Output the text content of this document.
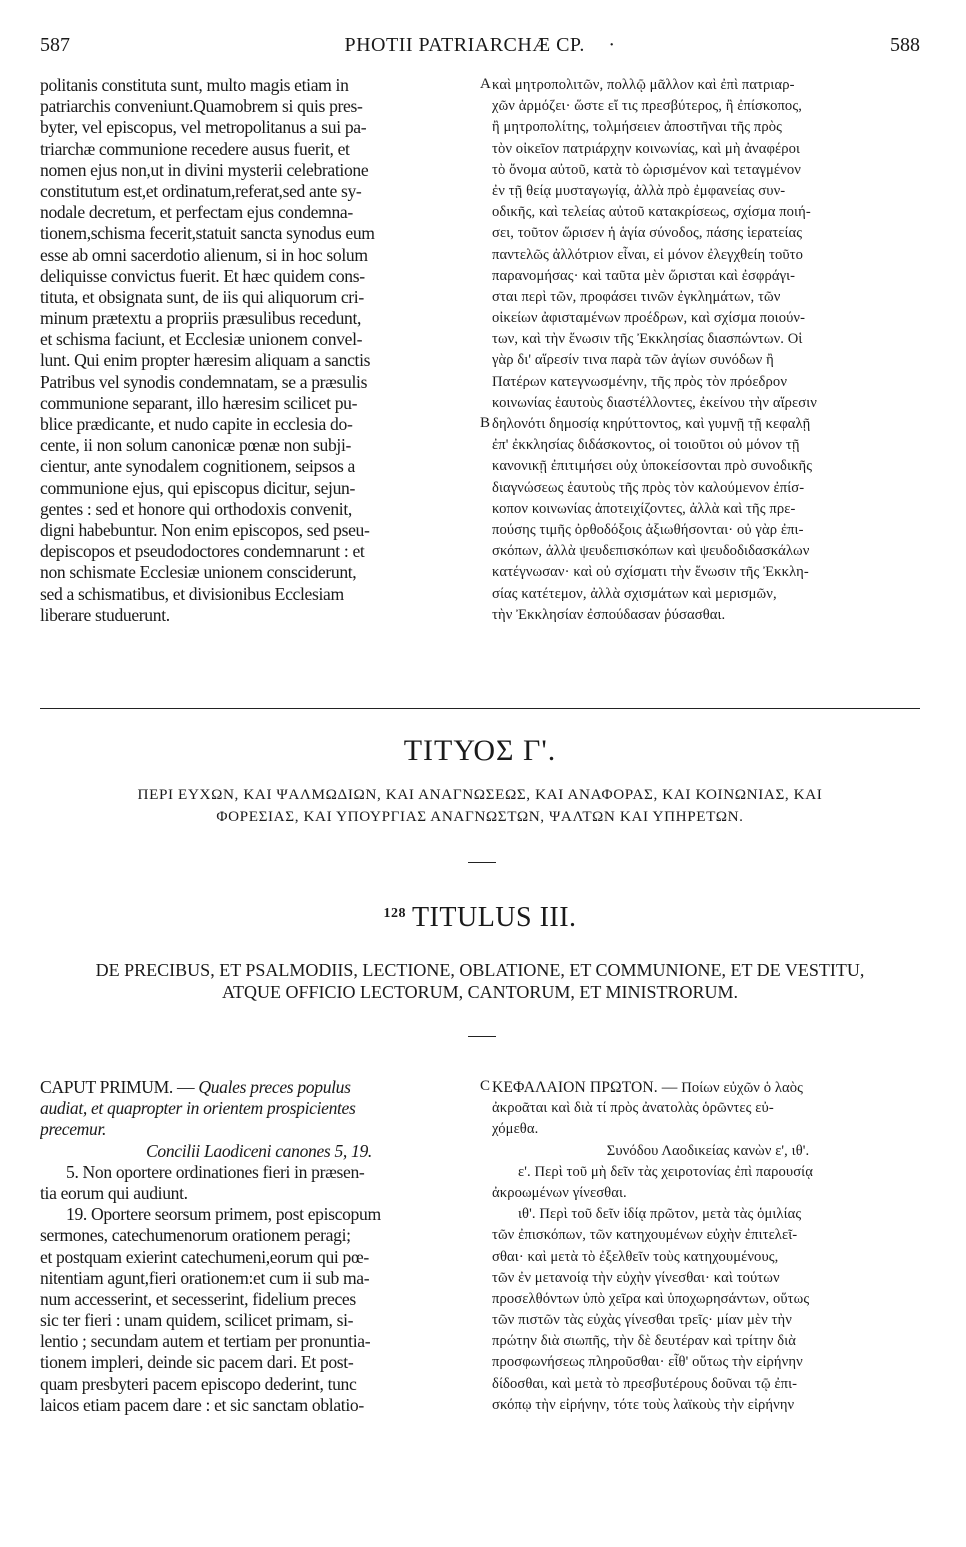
587	PHOTII PATRIARCHÆ CP. ·	588
politanis constituta sunt, multo magis etiam in
patriarchis conveniunt.Quamobrem si quis pres-
byter, vel episcopus, vel metropolitanus a sui pa-
triarchæ communione recedere ausus fuerit, et
nomen ejus non,ut in divini mysterii celebratione
constitutum est,et ordinatum,referat,sed ante sy-
nodale decretum, et perfectam ejus condemna-
tionem,schisma fecerit,statuit sancta synodus eum
esse ab omni sacerdotio alienum, si in hoc solum
deliquisse convictus fuerit. Et hæc quidem cons-
tituta, et obsignata sunt, de iis qui aliquorum cri-
minum prætextu a propriis præsulibus recedunt,
et schisma faciunt, et Ecclesiæ unionem convel-
lunt. Qui enim propter hæresim aliquam a sanctis
Patribus vel synodis condemnatam, se a præsulis
communione separant, illo hæresim scilicet pu-
blice prædicante, et nudo capite in ecclesia do-
cente, ii non solum canonicæ pœnæ non subji-
cientur, ante synodalem cognitionem, seipsos a
communione ejus, qui episcopus dicitur, sejun-
gentes : sed et honore qui orthodoxis convenit,
digni habebuntur. Non enim episcopos, sed pseu-
depiscopos et pseudodoctores condemnarunt : et
non schismate Ecclesiæ unionem consciderunt,
sed a schismatibus, et divisionibus Ecclesiam
liberare studuerunt.
καὶ μητροπολιτῶν, πολλῷ μᾶλλον καὶ ἐπὶ πατριαρ-
χῶν ἁρμόζει· ὥστε εἴ τις πρεσβύτερος, ἢ ἐπίσκοπος,
ἢ μητροπολίτης, τολμήσειεν ἀποστῆναι τῆς πρὸς
τὸν οἰκεῖον πατριάρχην κοινωνίας, καὶ μὴ ἀναφέροι
τὸ ὄνομα αὐτοῦ, κατὰ τὸ ὡρισμένον καὶ τεταγμένον
ἐν τῇ θείᾳ μυσταγωγίᾳ, ἀλλὰ πρὸ ἐμφανείας συν-
οδικῆς, καὶ τελείας αὐτοῦ κατακρίσεως, σχίσμα ποιή-
σει, τοῦτον ὥρισεν ἡ ἁγία σύνοδος, πάσης ἱερατείας
παντελῶς ἀλλότριον εἶναι, εἰ μόνον ἐλεγχθείη τοῦτο
παρανομήσας· καὶ ταῦτα μὲν ὥρισται καὶ ἐσφράγι-
σται περὶ τῶν, προφάσει τινῶν ἐγκλημάτων, τῶν
οἰκείων ἀφισταμένων προέδρων, καὶ σχίσμα ποιούν-
των, καὶ τὴν ἕνωσιν τῆς Ἐκκλησίας διασπώντων. Οἱ
γὰρ δι' αἵρεσίν τινα παρὰ τῶν ἁγίων συνόδων ἢ
Πατέρων κατεγνωσμένην, τῆς πρὸς τὸν πρόεδρον
κοινωνίας ἑαυτοὺς διαστέλλοντες, ἐκείνου τὴν αἵρεσιν
δηλονότι δημοσίᾳ κηρύττοντος, καὶ γυμνῇ τῇ κεφαλῇ
ἐπ' ἐκκλησίας διδάσκοντος, οἱ τοιοῦτοι οὐ μόνον τῇ
κανονικῇ ἐπιτιμήσει οὐχ ὑποκείσονται πρὸ συνοδικῆς
διαγνώσεως ἑαυτοὺς τῆς πρὸς τὸν καλούμενον ἐπίσ-
κοπον κοινωνίας ἀποτειχίζοντες, ἀλλὰ καὶ τῆς πρε-
πούσης τιμῆς ὀρθοδόξοις ἀξιωθήσονται· οὐ γὰρ ἐπι-
σκόπων, ἀλλὰ ψευδεπισκόπων καὶ ψευδοδιδασκάλων
κατέγνωσαν· καὶ οὐ σχίσματι τὴν ἕνωσιν τῆς Ἐκκλη-
σίας κατέτεμον, ἀλλὰ σχισμάτων καὶ μερισμῶν,
τὴν Ἐκκλησίαν ἐσπούδασαν ῥύσασθαι.
A
B
C
ΤΙΤΥΟΣ Γ'.
ΠΕΡΙ ΕΥΧΩΝ, ΚΑΙ ΨΑΛΜΩΔΙΩΝ, ΚΑΙ ΑΝΑΓΝΩΣΕΩΣ, ΚΑΙ ΑΝΑΦΟΡΑΣ, ΚΑΙ ΚΟΙΝΩΝΙΑΣ, ΚΑΙ
ΦΟΡΕΣΙΑΣ, ΚΑΙ ΥΠΟΥΡΓΙΑΣ ΑΝΑΓΝΩΣΤΩΝ, ΨΑΛΤΩΝ ΚΑΙ ΥΠΗΡΕΤΩΝ.
$^{128}$ TITULUS III.
DE PRECIBUS, ET PSALMODIIS, LECTIONE, OBLATIONE, ET COMMUNIONE, ET DE VESTITU,
ATQUE OFFICIO LECTORUM, CANTORUM, ET MINISTRORUM.
CAPUT PRIMUM. — Quales preces populus
audiat, et quapropter in orientem prospicientes
precemur.
Concilii Laodiceni canones 5, 19.
5. Non oportere ordinationes fieri in præsen-
tia eorum qui audiunt.
19. Oportere seorsum primem, post episcopum
sermones, catechumenorum orationem peragi;
et postquam exierint catechumeni,eorum qui pœ-
nitentiam agunt,fieri orationem:et cum ii sub ma-
num accesserint, et secesserint, fidelium preces
sic ter fieri : unam quidem, scilicet primam, si-
lentio ; secundam autem et tertiam per pronuntia-
tionem impleri, deinde sic pacem dari. Et post-
quam presbyteri pacem episcopo dederint, tunc
laicos etiam pacem dare : et sic sanctam oblatio-
ΚΕΦΑΛΑΙΟΝ ΠΡΩΤΟΝ. — Ποίων εὐχῶν ὁ λαὸς
ἀκροᾶται καὶ διὰ τί πρὸς ἀνατολὰς ὁρῶντες εὐ-
χόμεθα.
Συνόδου Λαοδικείας κανὼν ε', ιθ'.
ε'. Περὶ τοῦ μὴ δεῖν τὰς χειροτονίας ἐπὶ παρουσίᾳ
ἀκροωμένων γίνεσθαι.
ιθ'. Περὶ τοῦ δεῖν ἰδίᾳ πρῶτον, μετὰ τὰς ὁμιλίας
τῶν ἐπισκόπων, τῶν κατηχουμένων εὐχὴν ἐπιτελεῖ-
σθαι· καὶ μετὰ τὸ ἐξελθεῖν τοὺς κατηχουμένους,
τῶν ἐν μετανοίᾳ τὴν εὐχὴν γίνεσθαι· καὶ τούτων
προσελθόντων ὑπὸ χεῖρα καὶ ὑποχωρησάντων, οὕτως
τῶν πιστῶν τὰς εὐχὰς γίνεσθαι τρεῖς· μίαν μὲν τὴν
πρώτην διὰ σιωπῆς, τὴν δὲ δευτέραν καὶ τρίτην διὰ
προσφωνήσεως πληροῦσθαι· εἶθ' οὕτως τὴν εἰρήνην
δίδοσθαι, καὶ μετὰ τὸ πρεσβυτέρους δοῦναι τῷ ἐπι-
σκόπῳ τὴν εἰρήνην, τότε τοὺς λαϊκοὺς τὴν εἰρήνην
